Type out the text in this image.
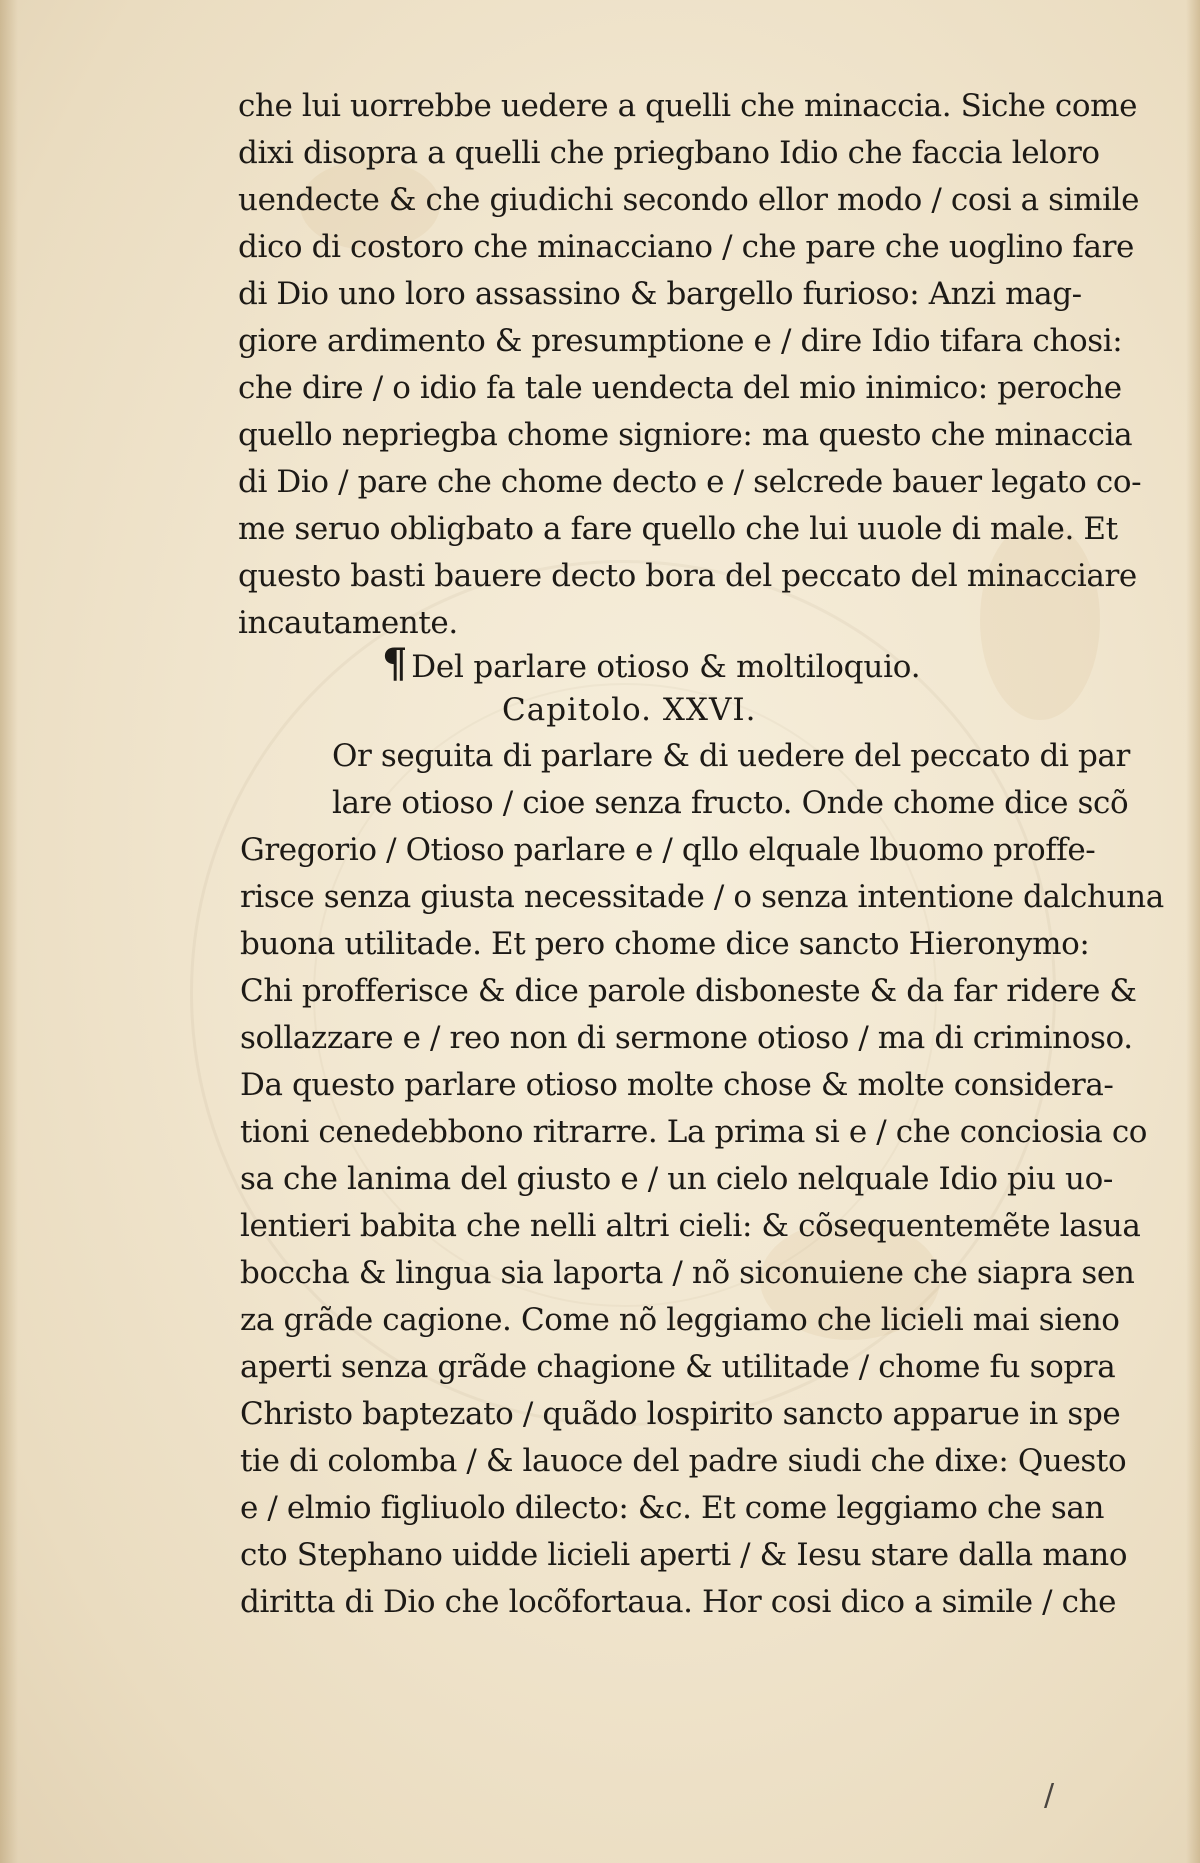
che lui uorrebbe uedere a quelli che minaccia. Siche come
dixi disopra a quelli che priegbano Idio che faccia leloro
uendecte & che giudichi secondo ellor modo / cosi a simile
dico di costoro che minacciano / che pare che uoglino fare
di Dio uno loro assassino & bargello furioso: Anzi mag-
giore ardimento & presumptione e / dire Idio tifara chosi:
che dire / o idio fa tale uendecta del mio inimico: peroche
quello nepriegba chome signiore: ma questo che minaccia
di Dio / pare che chome decto e / selcrede bauer legato co-
me seruo obligbato a fare quello che lui uuole di male. Et
questo basti bauere decto bora del peccato del minacciare
incautamente.
¶ Del parlare otioso & moltiloquio.
Capitolo. XXVI.
Or seguita di parlare & di uedere del peccato di par
lare otioso / cioe senza fructo. Onde chome dice scõ
Gregorio / Otioso parlare e / qllo elquale lbuomo proffe-
risce senza giusta necessitade / o senza intentione dalchuna
buona utilitade. Et pero chome dice sancto Hieronymo:
Chi profferisce & dice parole disboneste & da far ridere &
sollazzare e / reo non di sermone otioso / ma di criminoso.
Da questo parlare otioso molte chose & molte considera-
tioni cenedebbono ritrarre. La prima si e / che conciosia co
sa che lanima del giusto e / un cielo nelquale Idio piu uo-
lentieri babita che nelli altri cieli: & cõsequentemẽte lasua
boccha & lingua sia laporta / nõ siconuiene che siapra sen
za grãde cagione. Come nõ leggiamo che licieli mai sieno
aperti senza grãde chagione & utilitade / chome fu sopra
Christo baptezato / quãdo lospirito sancto apparue in spe
tie di colomba / & lauoce del padre siudi che dixe: Questo
e / elmio figliuolo dilecto: &c. Et come leggiamo che san
cto Stephano uidde licieli aperti / & Iesu stare dalla mano
diritta di Dio che locõfortaua. Hor cosi dico a simile / che
/
